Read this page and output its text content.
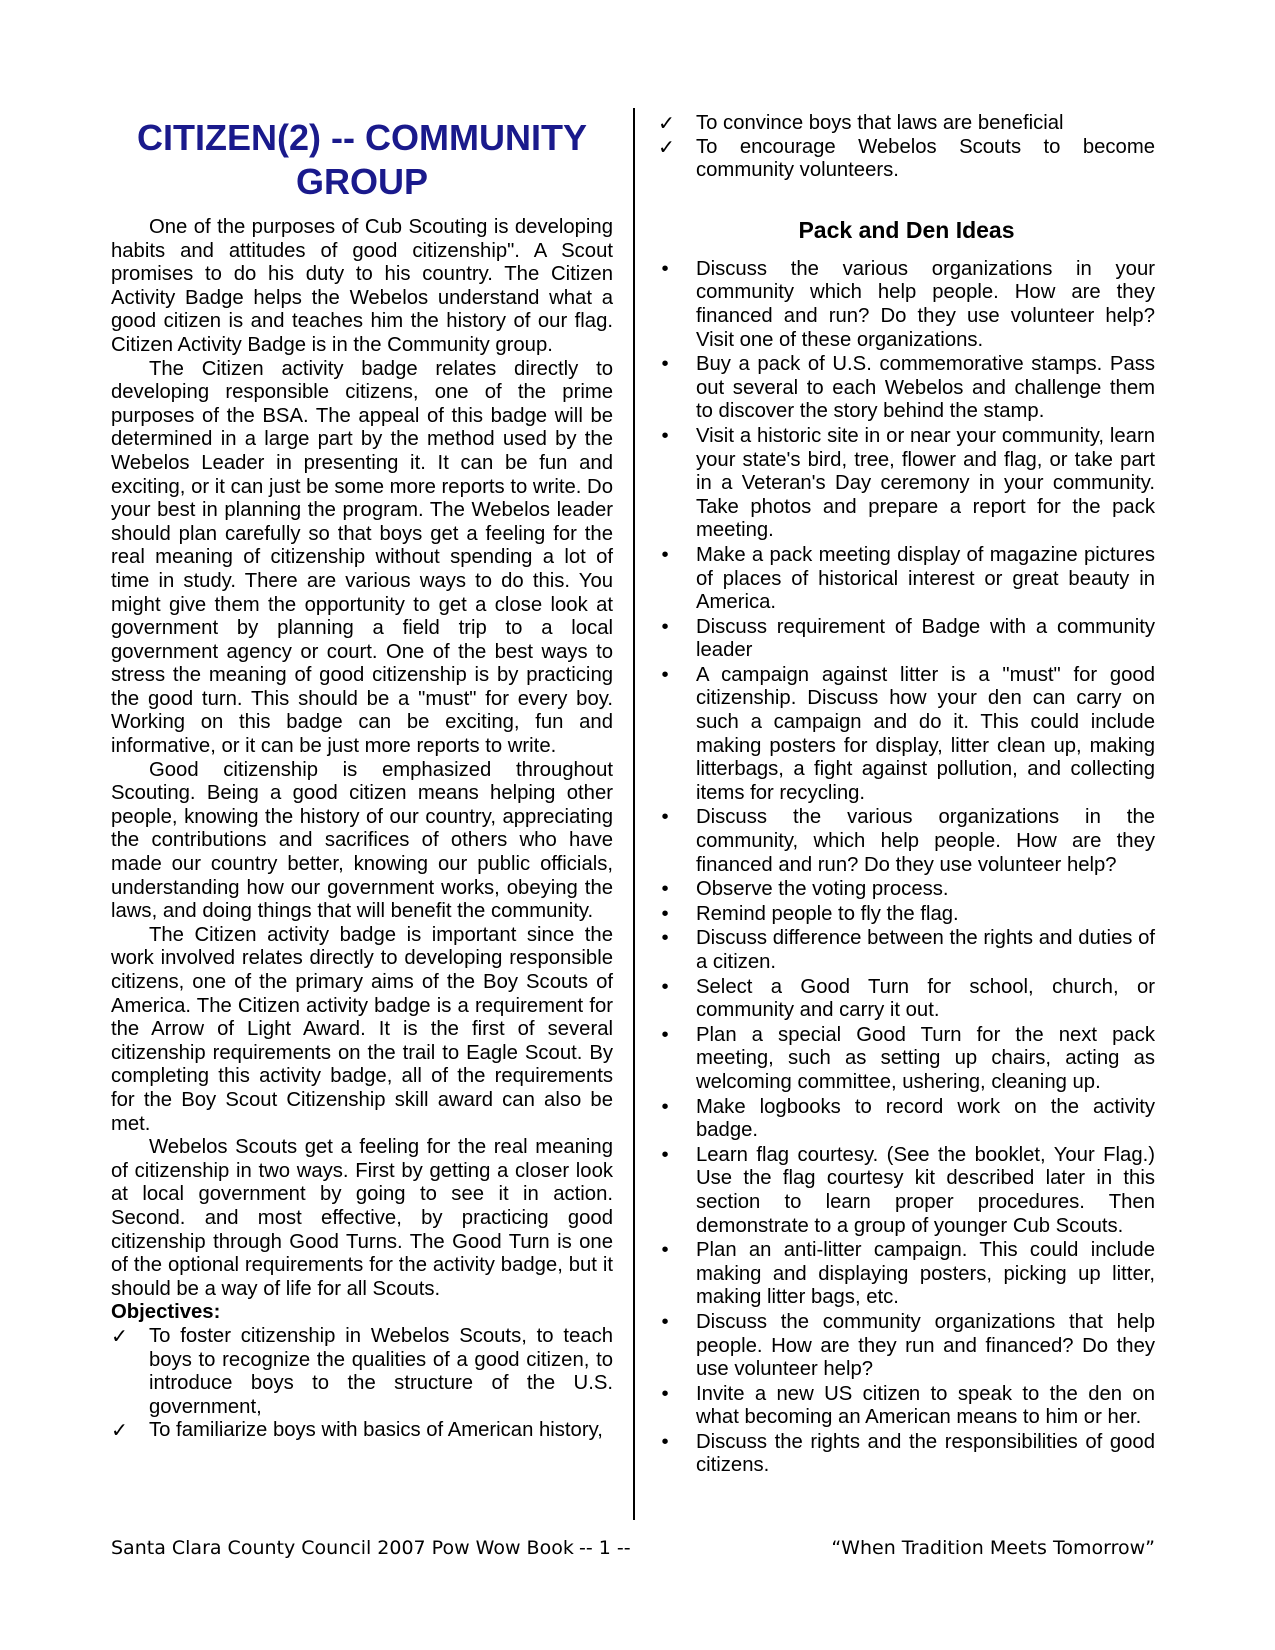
CITIZEN(2) -- COMMUNITY GROUP

One of the purposes of Cub Scouting is developing habits and attitudes of good citizenship". A Scout promises to do his duty to his country. The Citizen Activity Badge helps the Webelos understand what a good citizen is and teaches him the history of our flag. Citizen Activity Badge is in the Community group.

The Citizen activity badge relates directly to developing responsible citizens, one of the prime purposes of the BSA. The appeal of this badge will be determined in a large part by the method used by the Webelos Leader in presenting it. It can be fun and exciting, or it can just be some more reports to write. Do your best in planning the program. The Webelos leader should plan carefully so that boys get a feeling for the real meaning of citizenship without spending a lot of time in study. There are various ways to do this. You might give them the opportunity to get a close look at government by planning a field trip to a local government agency or court. One of the best ways to stress the meaning of good citizenship is by practicing the good turn. This should be a "must" for every boy. Working on this badge can be exciting, fun and informative, or it can be just more reports to write.

Good citizenship is emphasized throughout Scouting. Being a good citizen means helping other people, knowing the history of our country, appreciating the contributions and sacrifices of others who have made our country better, knowing our public officials, understanding how our government works, obeying the laws, and doing things that will benefit the community.

The Citizen activity badge is important since the work involved relates directly to developing responsible citizens, one of the primary aims of the Boy Scouts of America. The Citizen activity badge is a requirement for the Arrow of Light Award. It is the first of several citizenship requirements on the trail to Eagle Scout. By completing this activity badge, all of the requirements for the Boy Scout Citizenship skill award can also be met.

Webelos Scouts get a feeling for the real meaning of citizenship in two ways. First by getting a closer look at local government by going to see it in action. Second. and most effective, by practicing good citizenship through Good Turns. The Good Turn is one of the optional requirements for the activity badge, but it should be a way of life for all Scouts.

Objectives:

✓ To foster citizenship in Webelos Scouts, to teach boys to recognize the qualities of a good citizen, to introduce boys to the structure of the U.S. government,
✓ To familiarize boys with basics of American history,
✓ To convince boys that laws are beneficial
✓ To encourage Webelos Scouts to become community volunteers.
Pack and Den Ideas
• Discuss the various organizations in your community which help people. How are they financed and run? Do they use volunteer help? Visit one of these organizations.
• Buy a pack of U.S. commemorative stamps. Pass out several to each Webelos and challenge them to discover the story behind the stamp.
• Visit a historic site in or near your community, learn your state's bird, tree, flower and flag, or take part in a Veteran's Day ceremony in your community. Take photos and prepare a report for the pack meeting.
• Make a pack meeting display of magazine pictures of places of historical interest or great beauty in America.
• Discuss requirement of Badge with a community leader
• A campaign against litter is a "must" for good citizenship. Discuss how your den can carry on such a campaign and do it. This could include making posters for display, litter clean up, making litterbags, a fight against pollution, and collecting items for recycling.
• Discuss the various organizations in the community, which help people. How are they financed and run? Do they use volunteer help?
• Observe the voting process.
• Remind people to fly the flag.
• Discuss difference between the rights and duties of a citizen.
• Select a Good Turn for school, church, or community and carry it out.
• Plan a special Good Turn for the next pack meeting, such as setting up chairs, acting as welcoming committee, ushering, cleaning up.
• Make logbooks to record work on the activity badge.
• Learn flag courtesy. (See the booklet, Your Flag.) Use the flag courtesy kit described later in this section to learn proper procedures. Then demonstrate to a group of younger Cub Scouts.
• Plan an anti-litter campaign. This could include making and displaying posters, picking up litter, making litter bags, etc.
• Discuss the community organizations that help people. How are they run and financed? Do they use volunteer help?
• Invite a new US citizen to speak to the den on what becoming an American means to him or her.
• Discuss the rights and the responsibilities of good citizens.
Santa Clara County Council 2007 Pow Wow Book -- 1 --	“When Tradition Meets Tomorrow”
